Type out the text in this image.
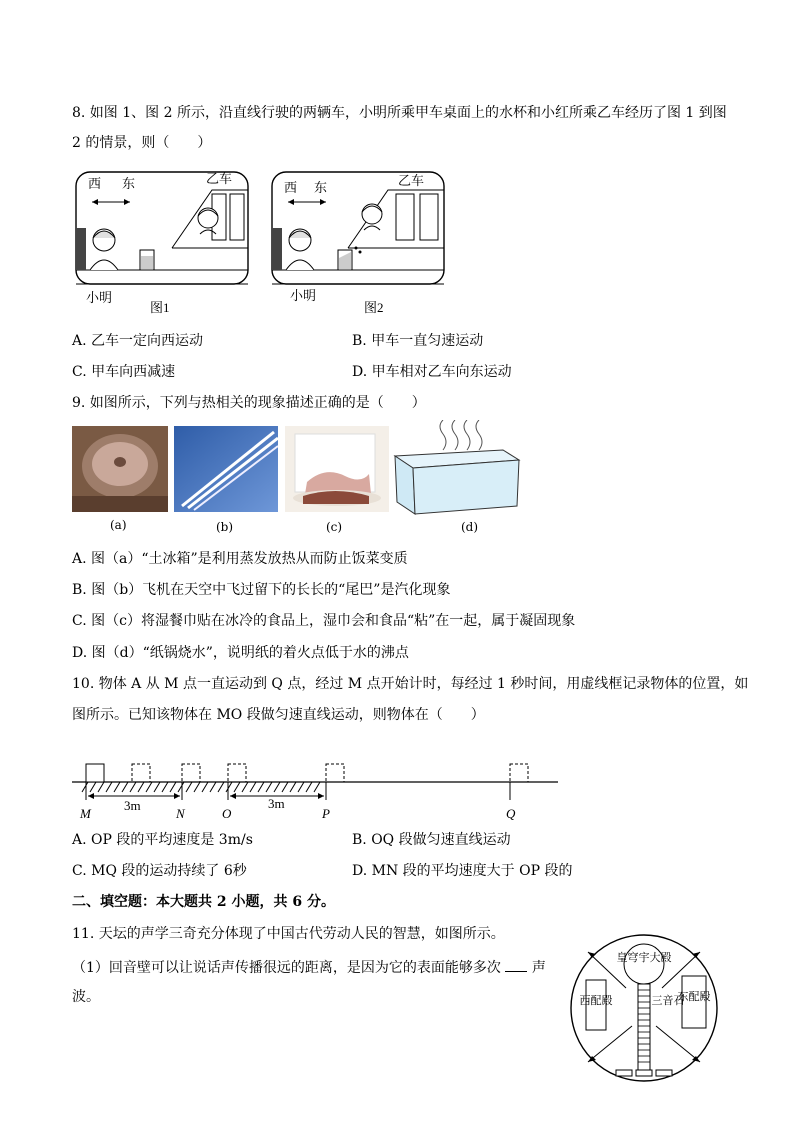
8. 如图 1、图 2 所示，沿直线行驶的两辆车，小明所乘甲车桌面上的水杯和小红所乘乙车经历了图 1 到图
2 的情景，则（　　）
西 东	乙车
小明
图1
西 东	乙车
小明
图2
A. 乙车一定向西运动	B. 甲车一直匀速运动
C. 甲车向西减速	D. 甲车相对乙车向东运动
9. 如图所示，下列与热相关的现象描述正确的是（　　）
(a)	(b)	(c)	(d)
A. 图（a）“土冰箱”是利用蒸发放热从而防止饭菜变质
B. 图（b）飞机在天空中飞过留下的长长的“尾巴”是汽化现象
C. 图（c）将湿餐巾贴在冰冷的食品上，湿巾会和食品“粘”在一起，属于凝固现象
D. 图（d）“纸锅烧水”，说明纸的着火点低于水的沸点
10. 物体 A 从 M 点一直运动到 Q 点，经过 M 点开始计时，每经过 1 秒时间，用虚线框记录物体的位置，如
图所示。已知该物体在 MO 段做匀速直线运动，则物体在（　　）
3m	3m
M	N	O	P	Q
A. OP 段的平均速度是 3m/s	B. OQ 段做匀速直线运动
C. MQ 段的运动持续了 6秒	D. MN 段的平均速度大于 OP 段的
二、填空题：本大题共 2 小题，共 6 分。
11. 天坛的声学三奇充分体现了中国古代劳动人民的智慧，如图所示。
（1）回音壁可以让说话声传播很远的距离，是因为它的表面能够多次 声
波。
皇穹宇大殿
西配殿	东配殿
三音石
